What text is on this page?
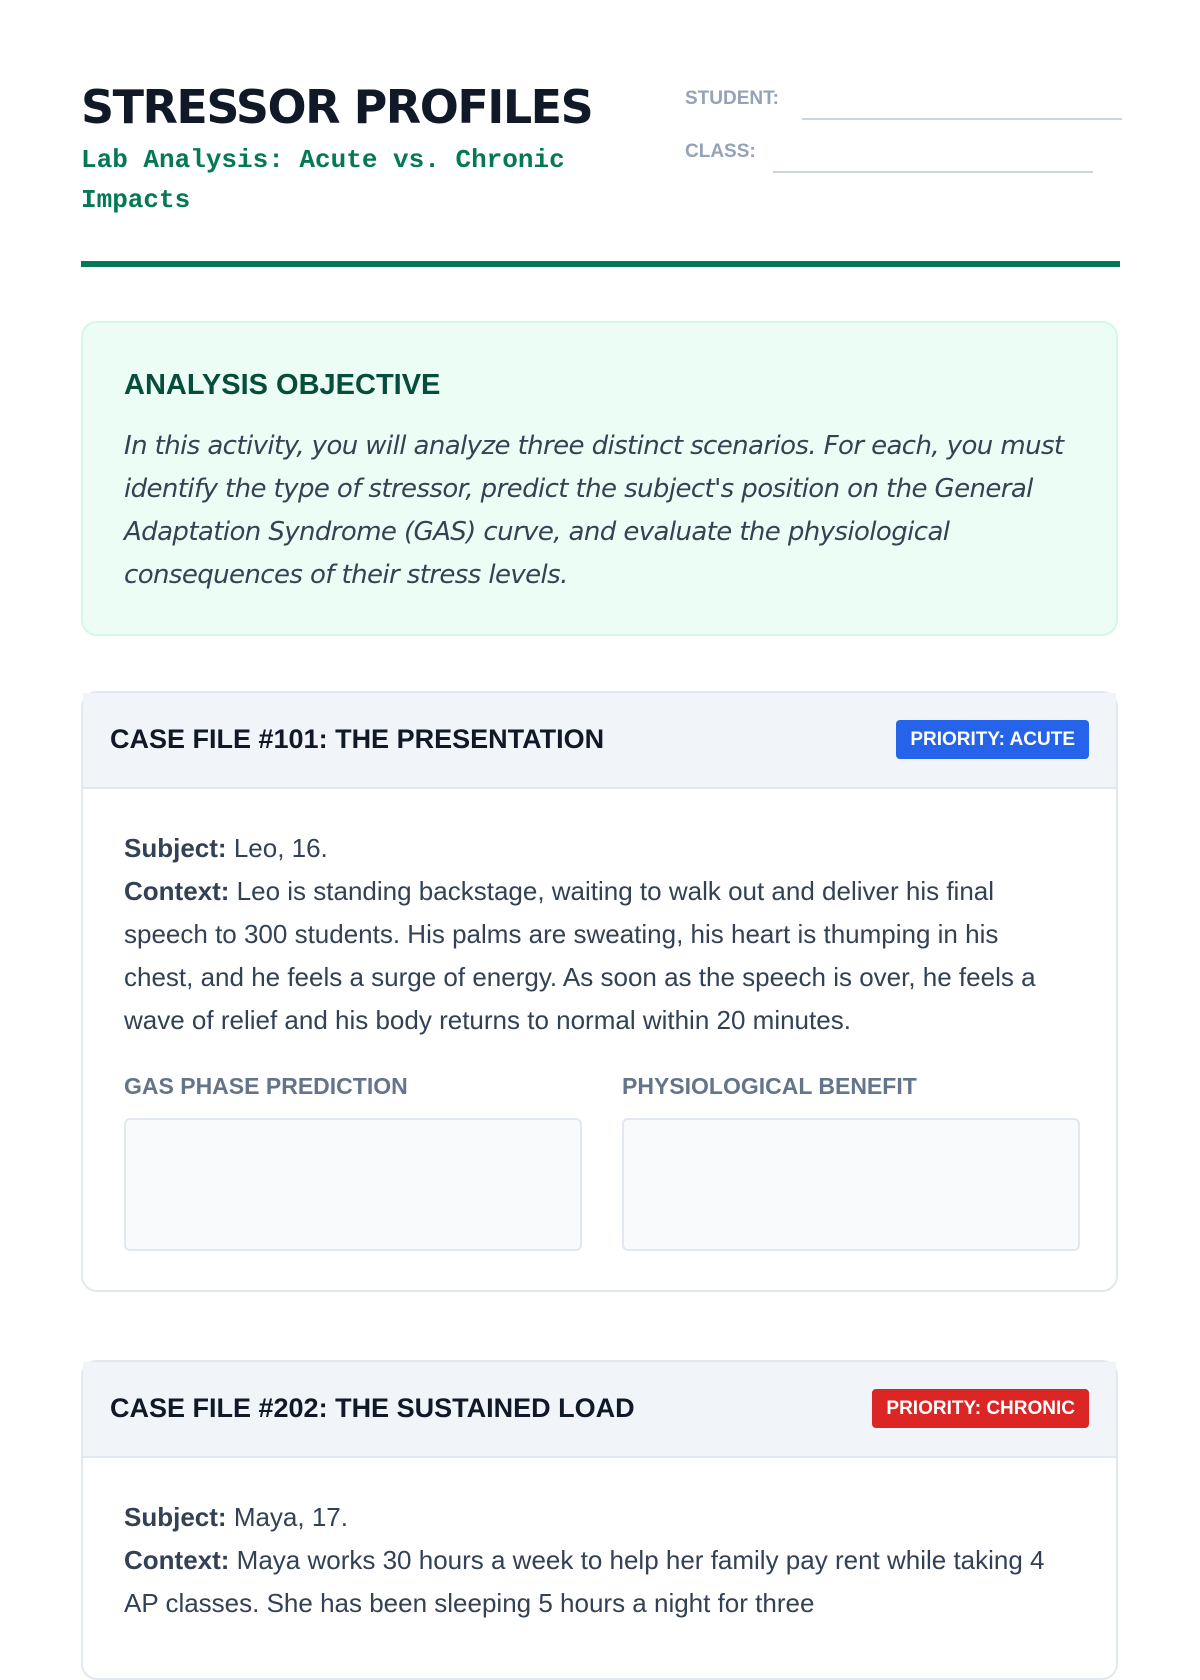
STRESSOR PROFILES

Lab Analysis: Acute vs. Chronic Impacts

STUDENT:
CLASS:
ANALYSIS OBJECTIVE

In this activity, you will analyze three distinct scenarios. For each, you must identify the type of stressor, predict the subject's position on the General Adaptation Syndrome (GAS) curve, and evaluate the physiological consequences of their stress levels.

CASE FILE #101: THE PRESENTATION	PRIORITY: ACUTE
Subject: Leo, 16.
Context: Leo is standing backstage, waiting to walk out and deliver his final speech to 300 students. His palms are sweating, his heart is thumping in his chest, and he feels a surge of energy. As soon as the speech is over, he feels a wave of relief and his body returns to normal within 20 minutes.

GAS PHASE PREDICTION	PHYSIOLOGICAL BENEFIT

CASE FILE #202: THE SUSTAINED LOAD	PRIORITY: CHRONIC
Subject: Maya, 17.
Context: Maya works 30 hours a week to help her family pay rent while taking 4 AP classes. She has been sleeping 5 hours a night for three
